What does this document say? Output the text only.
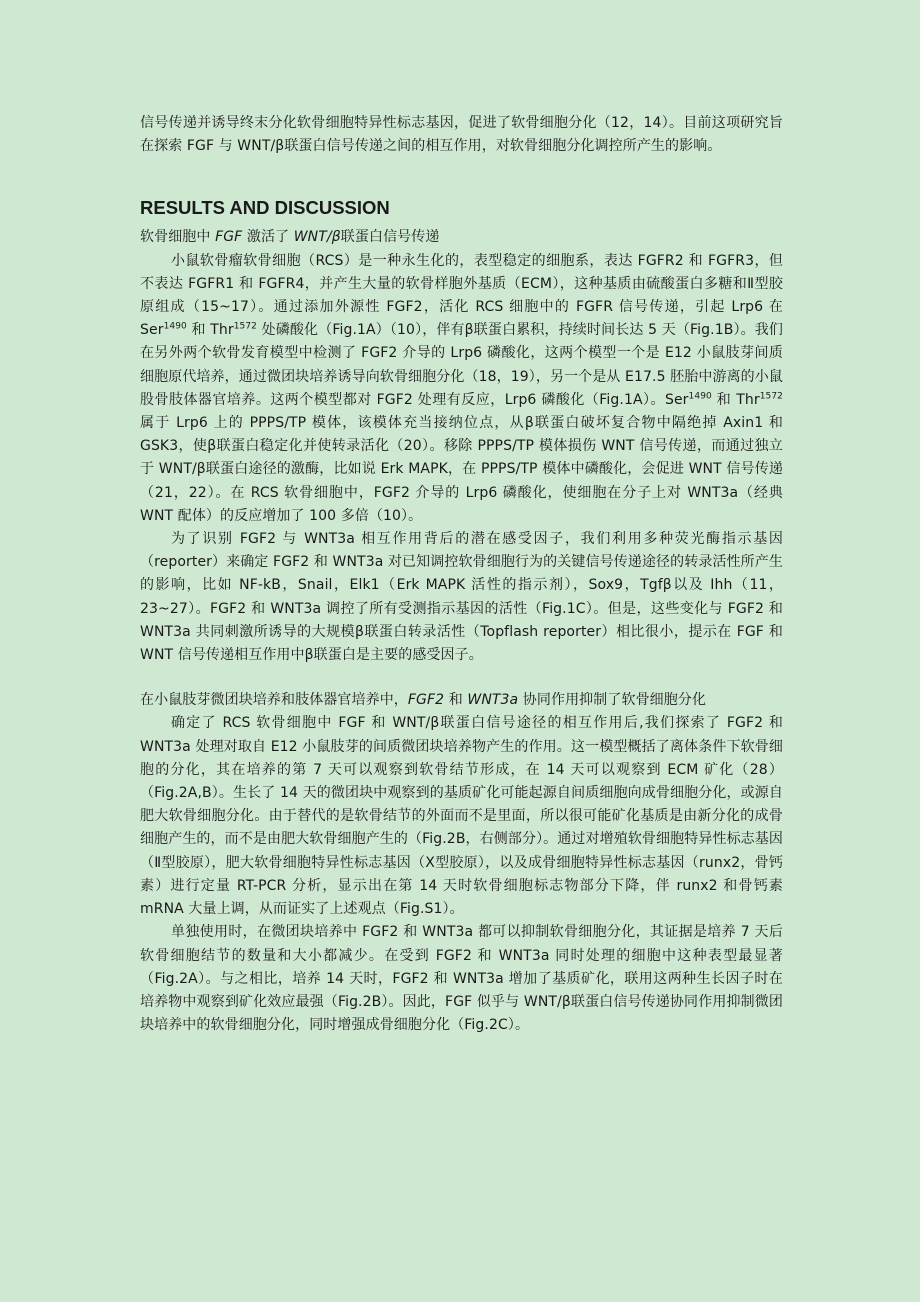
信号传递并诱导终末分化软骨细胞特异性标志基因，促进了软骨细胞分化（12，14）。目前这项研究旨在探索 FGF 与 WNT/β联蛋白信号传递之间的相互作用，对软骨细胞分化调控所产生的影响。

RESULTS AND DISCUSSION

软骨细胞中 FGF 激活了 WNT/β联蛋白信号传递

小鼠软骨瘤软骨细胞（RCS）是一种永生化的，表型稳定的细胞系，表达 FGFR2 和 FGFR3，但不表达 FGFR1 和 FGFR4，并产生大量的软骨样胞外基质（ECM），这种基质由硫酸蛋白多糖和Ⅱ型胶原组成（15~17）。通过添加外源性 FGF2，活化 RCS 细胞中的 FGFR 信号传递，引起 Lrp6 在 Ser$^{1490}$ 和 Thr$^{1572}$ 处磷酸化（Fig.1A）（10），伴有β联蛋白累积，持续时间长达 5 天（Fig.1B）。我们在另外两个软骨发育模型中检测了 FGF2 介导的 Lrp6 磷酸化，这两个模型一个是 E12 小鼠肢芽间质细胞原代培养，通过微团块培养诱导向软骨细胞分化（18，19），另一个是从 E17.5 胚胎中游离的小鼠股骨肢体器官培养。这两个模型都对 FGF2 处理有反应，Lrp6 磷酸化（Fig.1A）。Ser$^{1490}$ 和 Thr$^{1572}$ 属于 Lrp6 上的 PPPS/TP 模体，该模体充当接纳位点，从β联蛋白破坏复合物中隔绝掉 Axin1 和 GSK3，使β联蛋白稳定化并使转录活化（20）。移除 PPPS/TP 模体损伤 WNT 信号传递，而通过独立于 WNT/β联蛋白途径的激酶，比如说 Erk MAPK，在 PPPS/TP 模体中磷酸化，会促进 WNT 信号传递（21，22）。在 RCS 软骨细胞中，FGF2 介导的 Lrp6 磷酸化，使细胞在分子上对 WNT3a（经典 WNT 配体）的反应增加了 100 多倍（10）。

为了识别 FGF2 与 WNT3a 相互作用背后的潜在感受因子，我们利用多种荧光酶指示基因（reporter）来确定 FGF2 和 WNT3a 对已知调控软骨细胞行为的关键信号传递途径的转录活性所产生的影响，比如 NF-kB，Snail，Elk1（Erk MAPK 活性的指示剂），Sox9，Tgfβ以及 Ihh（11，23~27）。FGF2 和 WNT3a 调控了所有受测指示基因的活性（Fig.1C）。但是，这些变化与 FGF2 和 WNT3a 共同刺激所诱导的大规模β联蛋白转录活性（Topflash reporter）相比很小，提示在 FGF 和 WNT 信号传递相互作用中β联蛋白是主要的感受因子。

在小鼠肢芽微团块培养和肢体器官培养中，FGF2 和 WNT3a 协同作用抑制了软骨细胞分化

确定了 RCS 软骨细胞中 FGF 和 WNT/β联蛋白信号途径的相互作用后,我们探索了 FGF2 和 WNT3a 处理对取自 E12 小鼠肢芽的间质微团块培养物产生的作用。这一模型概括了离体条件下软骨细胞的分化，其在培养的第 7 天可以观察到软骨结节形成，在 14 天可以观察到 ECM 矿化（28）（Fig.2A,B）。生长了 14 天的微团块中观察到的基质矿化可能起源自间质细胞向成骨细胞分化，或源自肥大软骨细胞分化。由于替代的是软骨结节的外面而不是里面，所以很可能矿化基质是由新分化的成骨细胞产生的，而不是由肥大软骨细胞产生的（Fig.2B，右侧部分）。通过对增殖软骨细胞特异性标志基因（Ⅱ型胶原），肥大软骨细胞特异性标志基因（Ⅹ型胶原），以及成骨细胞特异性标志基因（runx2，骨钙素）进行定量 RT-PCR 分析，显示出在第 14 天时软骨细胞标志物部分下降，伴 runx2 和骨钙素 mRNA 大量上调，从而证实了上述观点（Fig.S1）。

单独使用时，在微团块培养中 FGF2 和 WNT3a 都可以抑制软骨细胞分化，其证据是培养 7 天后软骨细胞结节的数量和大小都减少。在受到 FGF2 和 WNT3a 同时处理的细胞中这种表型最显著（Fig.2A）。与之相比，培养 14 天时，FGF2 和 WNT3a 增加了基质矿化，联用这两种生长因子时在培养物中观察到矿化效应最强（Fig.2B）。因此，FGF 似乎与 WNT/β联蛋白信号传递协同作用抑制微团块培养中的软骨细胞分化，同时增强成骨细胞分化（Fig.2C）。
